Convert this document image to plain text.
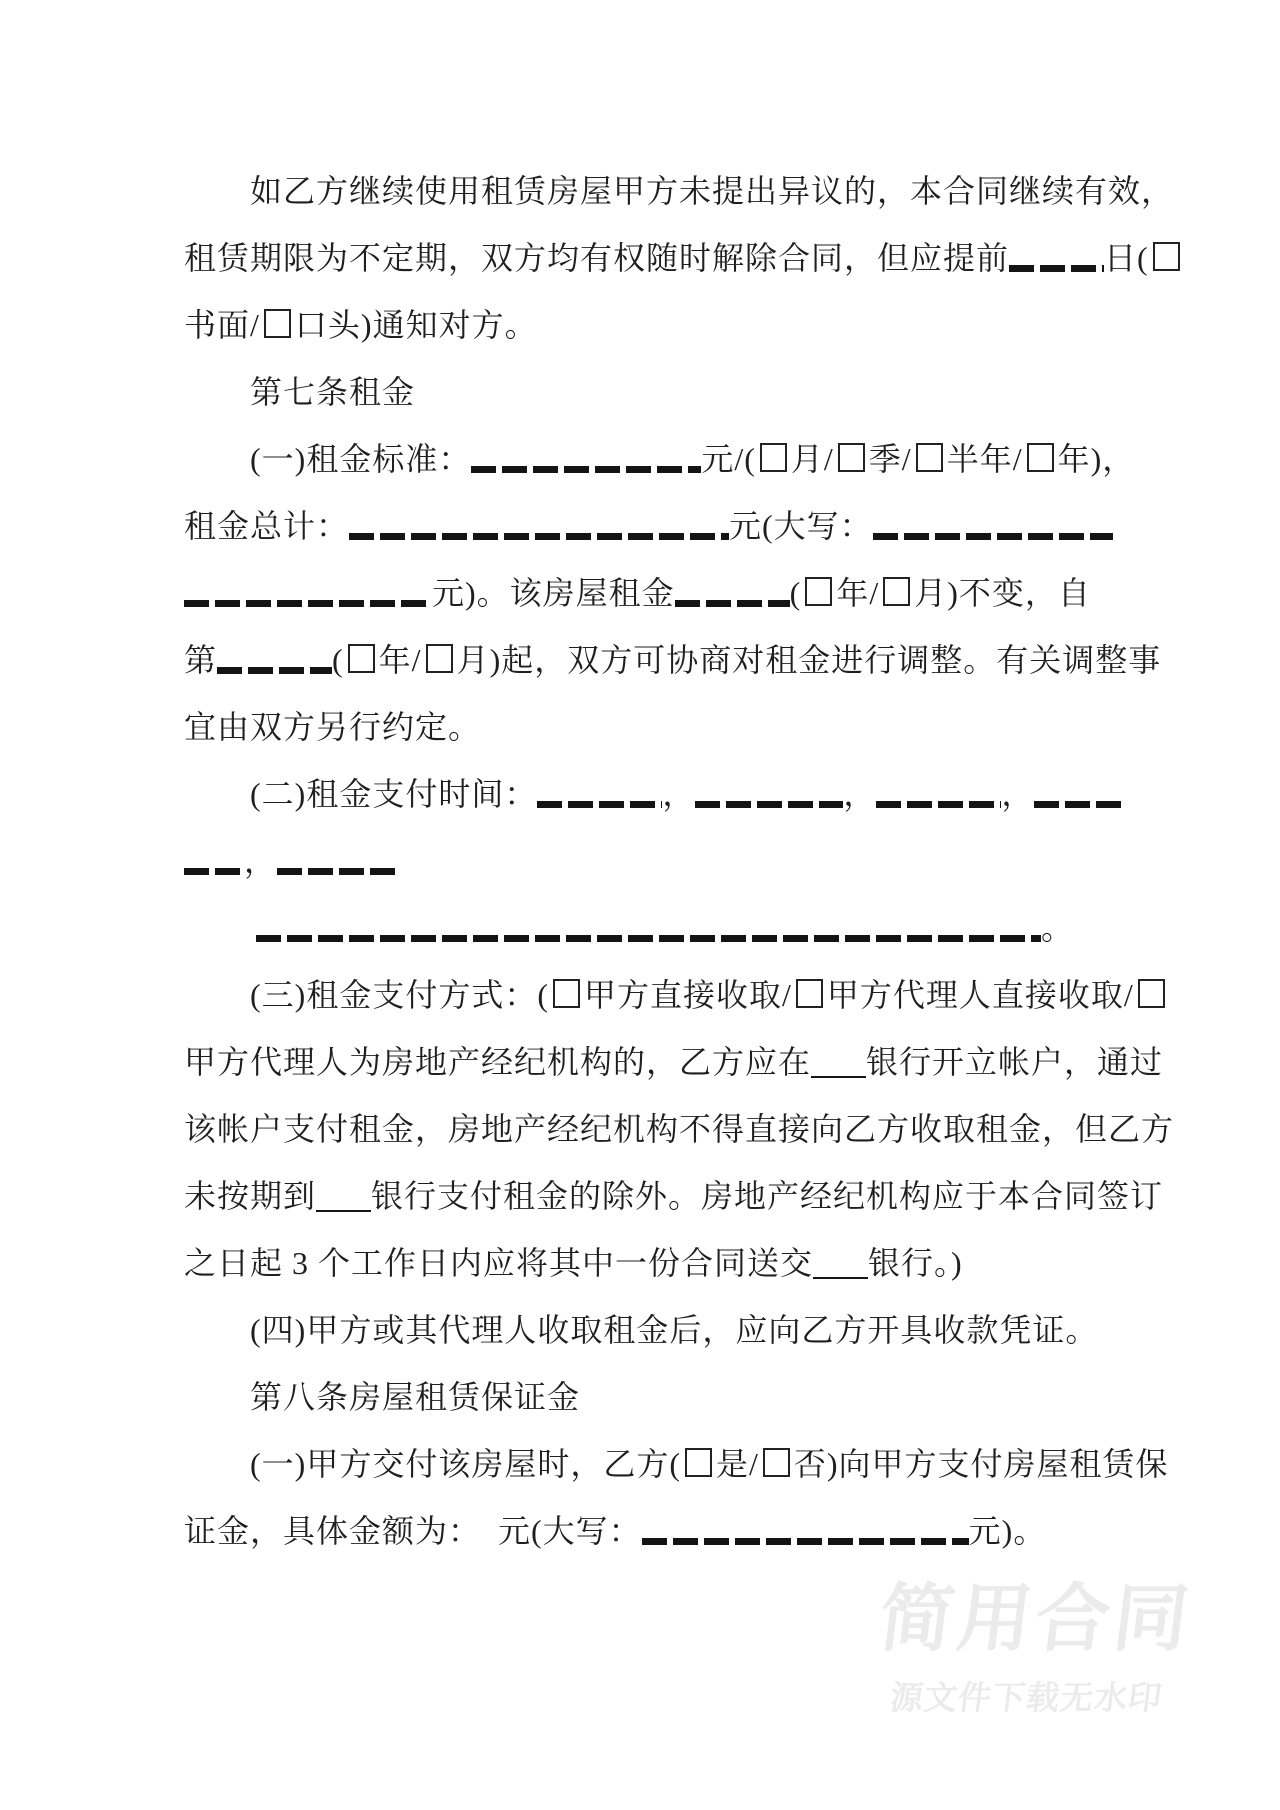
如乙方继续使用租赁房屋甲方未提出异议的，本合同继续有效，
租赁期限为不定期，双方均有权随时解除合同，但应提前	日(
书面/ 口头)通知对方。
第七条租金
(一)租金标准：	元/( 月/ 季/ 半年/ 年)，
租金总计：	元(大写：
元)。该房屋租金	( 年/ 月)不变，自
第	( 年/ 月)起，双方可协商对租金进行调整。有关调整事
宜由双方另行约定。
(二)租金支付时间：	，	，	，
，
。
(三)租金支付方式：( 甲方直接收取/ 甲方代理人直接收取/
甲方代理人为房地产经纪机构的，乙方应在 银行开立帐户，通过
该帐户支付租金，房地产经纪机构不得直接向乙方收取租金，但乙方
未按期到 银行支付租金的除外。房地产经纪机构应于本合同签订
之日起 3 个工作日内应将其中一份合同送交 银行。)
(四)甲方或其代理人收取租金后，应向乙方开具收款凭证。
第八条房屋租赁保证金
(一)甲方交付该房屋时，乙方( 是/ 否)向甲方支付房屋租赁保
证金，具体金额为：　元(大写：	元)。
简用合同
源文件下载无水印
